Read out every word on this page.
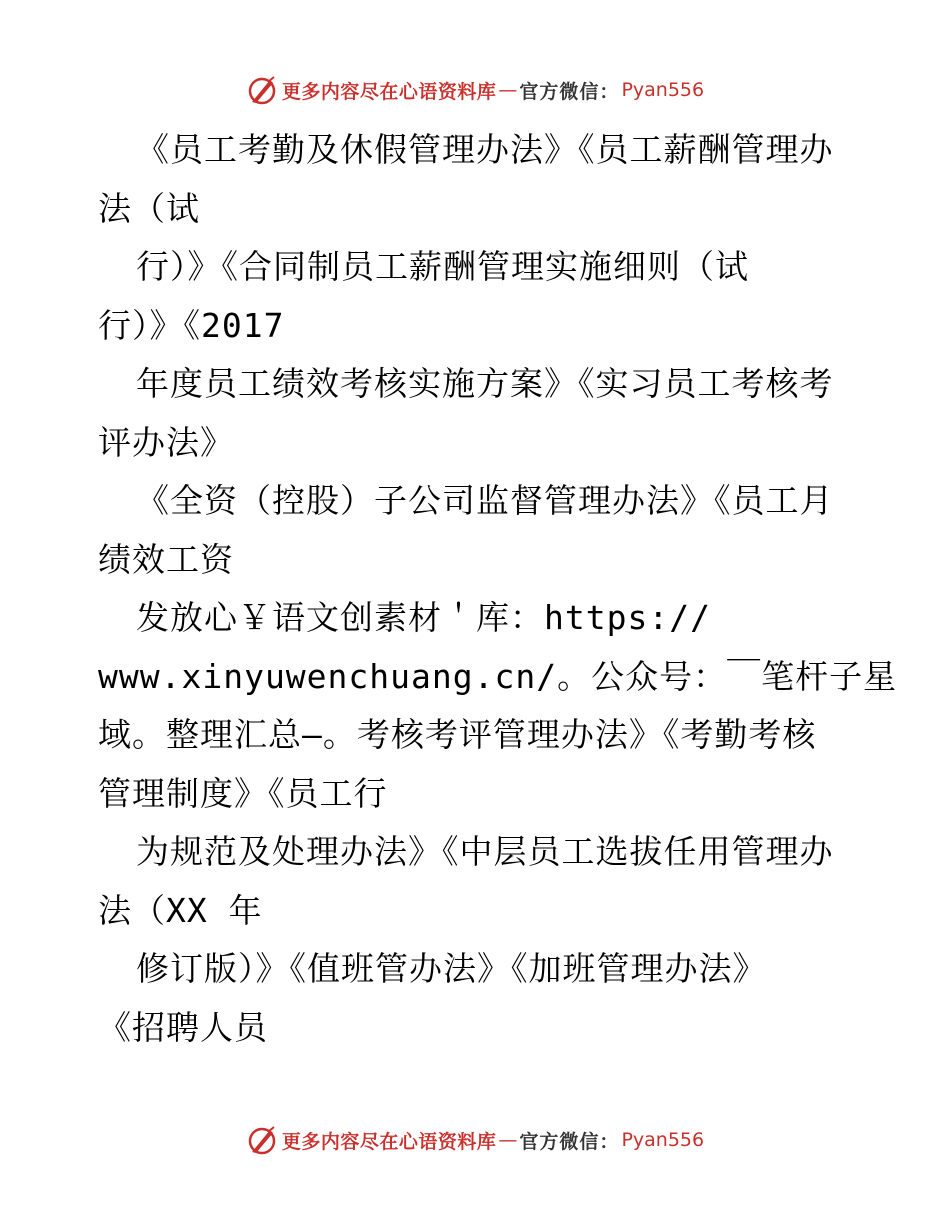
更多内容尽在心语资料库 — 官方微信： Pyan556
《员工考勤及休假管理办法》《员工薪酬管理办
法（试
行）》《合同制员工薪酬管理实施细则（试
行）》《2017
年度员工绩效考核实施方案》《实习员工考核考
评办法》
《全资（控股）子公司监督管理办法》《员工月
绩效工资
发放心￥语文创素材＇库：https://
www.xinyuwenchuang.cn/。公众号：￣笔杆子星
域。整理汇总—。考核考评管理办法》《考勤考核
管理制度》《员工行
为规范及处理办法》《中层员工选拔任用管理办
法（XX 年
修订版）》《值班管办法》《加班管理办法》
《招聘人员
更多内容尽在心语资料库 — 官方微信： Pyan556
